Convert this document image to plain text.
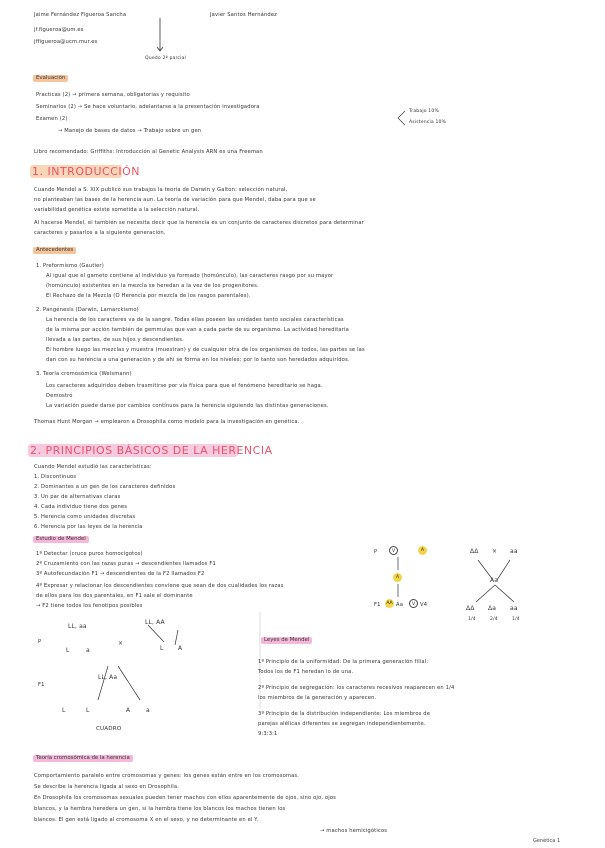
Jaime Fernández Figueroa Sancha	Javier Santos Hernández
jf.figueroa@um.es
jffigueroa@ucm.mur.es
Quedo 2ª parcial
Evaluación
Practicas (2) → primera semana, obligatorias y requisito
Seminarios (2) → Se hace voluntario, adelantarse a la presentación investigadora
Examen (2)
→ Manejo de bases de datos → Trabajo sobre un gen
Trabajo 10%
Asistencia 10%
Libro recomendado: Griffiths: Introducción al Genetic Analysis ARN es una Freeman
1. INTRODUCCIÓN
Cuando Mendel a S. XIX publicó sus trabajos la teoría de Darwin y Galton: selección natural,
no planteaban las bases de la herencia aun. La teoría de variación para que Mendel, daba para que se
variabilidad genética existe sometida a la selección natural.
Al hacerse Mendel, el también se necesita decir que la herencia es un conjunto de caracteres discretos para determinar
caracteres y pasarlos a la siguiente generación.
Antecedentes
1. Preformismo (Gautier)
Al igual que el gameto contiene al individuo ya formado (homúnculo), las caracteres rasgo por su mayor
(homúnculo) existentes en la mezcla se heredan a la vez de los progenitores.
El Rechazo de la Mezcla (O Herencia por mezcla de los rasgos parentales).
2. Pangénesis (Darwin, Lamarckismo)
La herencia de los caracteres va de la sangre. Todas ellas poseen las unidades tanto sociales características
de la misma por acción también de gemmulas que van a cada parte de su organismo. La actividad hereditaria
llevada a las partes, de sus hijos y descendientes.
El hombre luego las mezclas y muestra (muestran) y de cualquier otra de los organismos de todos, las partes se las
dan con su herencia a una generación y de ahí se forma en los niveles; por lo tanto son heredados adquiridos.
3. Teoría cromosómica (Weismann)
Los caracteres adquiridos deben trasmitirse por vía física para que el fenómeno hereditario se haga.
Demostró
La variación puede darse por cambios contínuos para la herencia siguiendo las distintas generaciones.
Thomas Hunt Morgan → emplearon a Drosophila como modelo para la investigación en genética.
2. PRINCIPIOS BÁSICOS DE LA HERENCIA
Cuando Mendel estudió las características:
1. Discontinuos
2. Dominantes a un gen de los caracteres definidos
3. Un par de alternativas claras
4. Cada individuo tiene dos genes
5. Herencia como unidades discretas
6. Herencia por las leyes de la herencia
Estudio de Mendel
1º Detectar (cruce puros homocigotos)
2º Cruzamiento con las razas puras → descendientes llamados F1
3º Autofecundación F1 → descendientes de la F2 llamados F2
4º Expresar y relacionar los descendientes conviene que sean de dos cualidades los razas
de ellos para los dos parentales, en F1 sale el dominante
→ F2 tiene todos los fenotipos posibles
P
LL, aa
LL, AA
×
L	a	L A
F1
LL, Aa
L	L	A	a
CUADRO
P	V	A
A
F1 AA Aa	V V4
ΔΔ × aa
Aa
ΔΔ Δa aa
1/4	2/4	1/4
Leyes de Mendel
1º Principio de la uniformidad: De la primera generación filial:
Todos los de F1 heredan lo de una.
2º Principio de segregación: los caracteres recesivos reaparecen en 1/4
los miembros de la generación y aparecen.
3º Principio de la distribución independiente: Los miembros de
parejas alélicas diferentes se segregan independientemente.
9:3:3:1
Teoría cromosómica de la herencia
Comportamiento paralelo entre cromosomas y genes: los genes están entre en los cromosomas.
Se describe la herencia ligada al sexo en Drosophila.
En Drosophila los cromosomas sexuales pueden tener machos con ellos aparentemente de ojos, sino ojo, ojos
blancos, y la hembra heredera un gen, si la hembra tiene los blancos los machos tienen los
blancos. El gen está ligado al cromosoma X en el sexo, y no determinante en el Y.
→ machos hemicigóticos
Genética 1
